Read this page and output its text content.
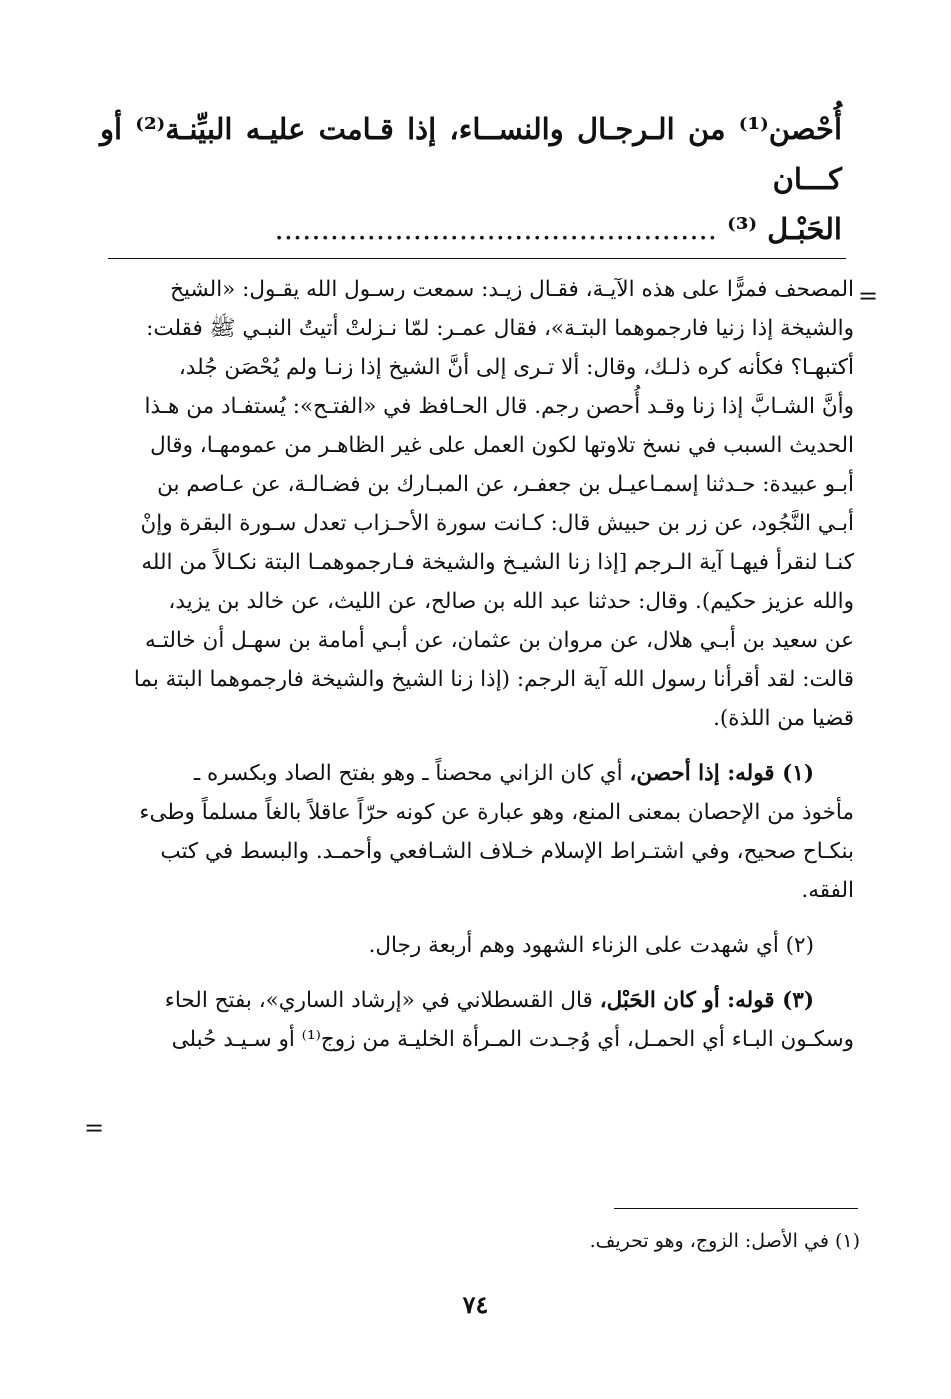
أُحْصن⁽¹⁾ من الـرجـال والنســاء، إذا قـامت عليـه البيِّنـة⁽²⁾ أو كـــان
الحَبْـل ⁽³⁾ ................................................
=

المصحف فمرًّا على هذه الآيـة، فقـال زيـد: سمعت رسـول الله يقـول: «الشيخ

والشيخة إذا زنيا فارجموهما البتـة»، فقال عمـر: لمّا نـزلتْ أتيتُ النبـي ﷺ فقلت:

أكتبهـا؟ فكأنه كره ذلـك، وقال: ألا تـرى إلى أنَّ الشيخ إذا زنـا ولم يُحْصَن جُلد،

وأنَّ الشـابَّ إذا زنا وقـد أُحصن رجم. قال الحـافظ في «الفتـح»: يُستفـاد من هـذا

الحديث السبب في نسخ تلاوتها لكون العمل على غير الظاهـر من عمومهـا، وقال

أبـو عبيدة: حـدثنا إسمـاعيـل بن جعفـر، عن المبـارك بن فضـالـة، عن عـاصم بن

أبـي النَّجُود، عن زر بن حبيش قال: كـانت سورة الأحـزاب تعدل سـورة البقرة وإنْ

كنـا لنقرأ فيهـا آية الـرجم [إذا زنا الشيـخ والشيخة فـارجموهمـا البتة نكـالاً من الله

والله عزيز حكيم). وقال: حدثنا عبد الله بن صالح، عن الليث، عن خالد بن يزيد،

عن سعيد بن أبـي هلال، عن مروان بن عثمان، عن أبـي أمامة بن سهـل أن خالتـه

قالت: لقد أقرأنا رسول الله آية الرجم: (إذا زنا الشيخ والشيخة فارجموهما البتة بما

قضيا من اللذة).

(١) قوله: إذا أحصن، أي كان الزاني محصناً ـ وهو بفتح الصاد وبكسره ـ

مأخوذ من الإحصان بمعنى المنع، وهو عبارة عن كونه حرّاً عاقلاً بالغاً مسلماً وطىء

بنكـاح صحيح، وفي اشتـراط الإسلام خـلاف الشـافعي وأحمـد. والبسط في كتب

الفقه.

(٢) أي شهدت على الزناء الشهود وهم أربعة رجال.

(٣) قوله: أو كان الحَبْل، قال القسطلاني في «إرشاد الساري»، بفتح الحاء

وسكـون البـاء أي الحمـل، أي وُجـدت المـرأة الخليـة من زوج⁽¹⁾ أو سـيـد حُبلى

=
(١) في الأصل: الزوج، وهو تحريف.
٧٤
